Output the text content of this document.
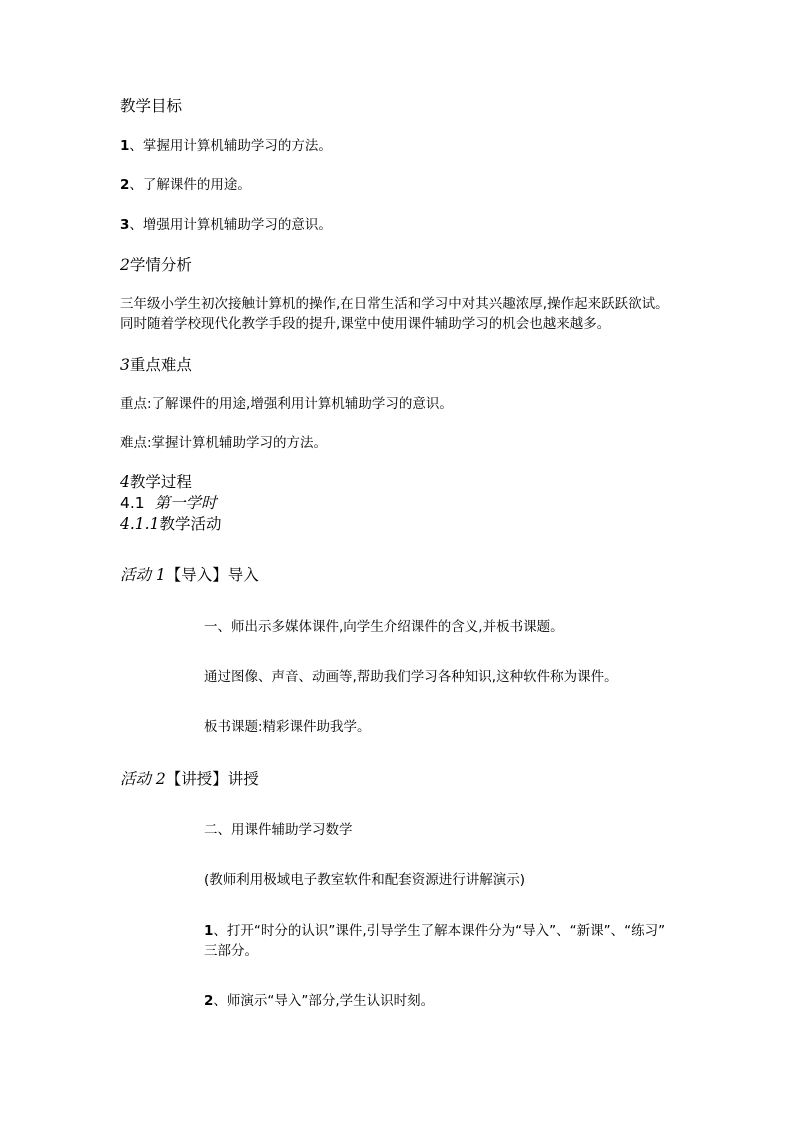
教学目标

1、掌握用计算机辅助学习的方法。

2、了解课件的用途。

3、增强用计算机辅助学习的意识。

2学情分析

三年级小学生初次接触计算机的操作,在日常生活和学习中对其兴趣浓厚,操作起来跃跃欲试。

同时随着学校现代化教学手段的提升,课堂中使用课件辅助学习的机会也越来越多。

3重点难点

重点:了解课件的用途,增强利用计算机辅助学习的意识。

难点:掌握计算机辅助学习的方法。

4教学过程

4.1 第一学时

4.1.1教学活动

活动 1【导入】导入

一、师出示多媒体课件,向学生介绍课件的含义,并板书课题。

通过图像、声音、动画等,帮助我们学习各种知识,这种软件称为课件。

板书课题:精彩课件助我学。

活动 2【讲授】讲授

二、用课件辅助学习数学

(教师利用极域电子教室软件和配套资源进行讲解演示)

1、打开“时分的认识”课件,引导学生了解本课件分为“导入”、“新课”、“练习”

三部分。

2、师演示“导入”部分,学生认识时刻。
